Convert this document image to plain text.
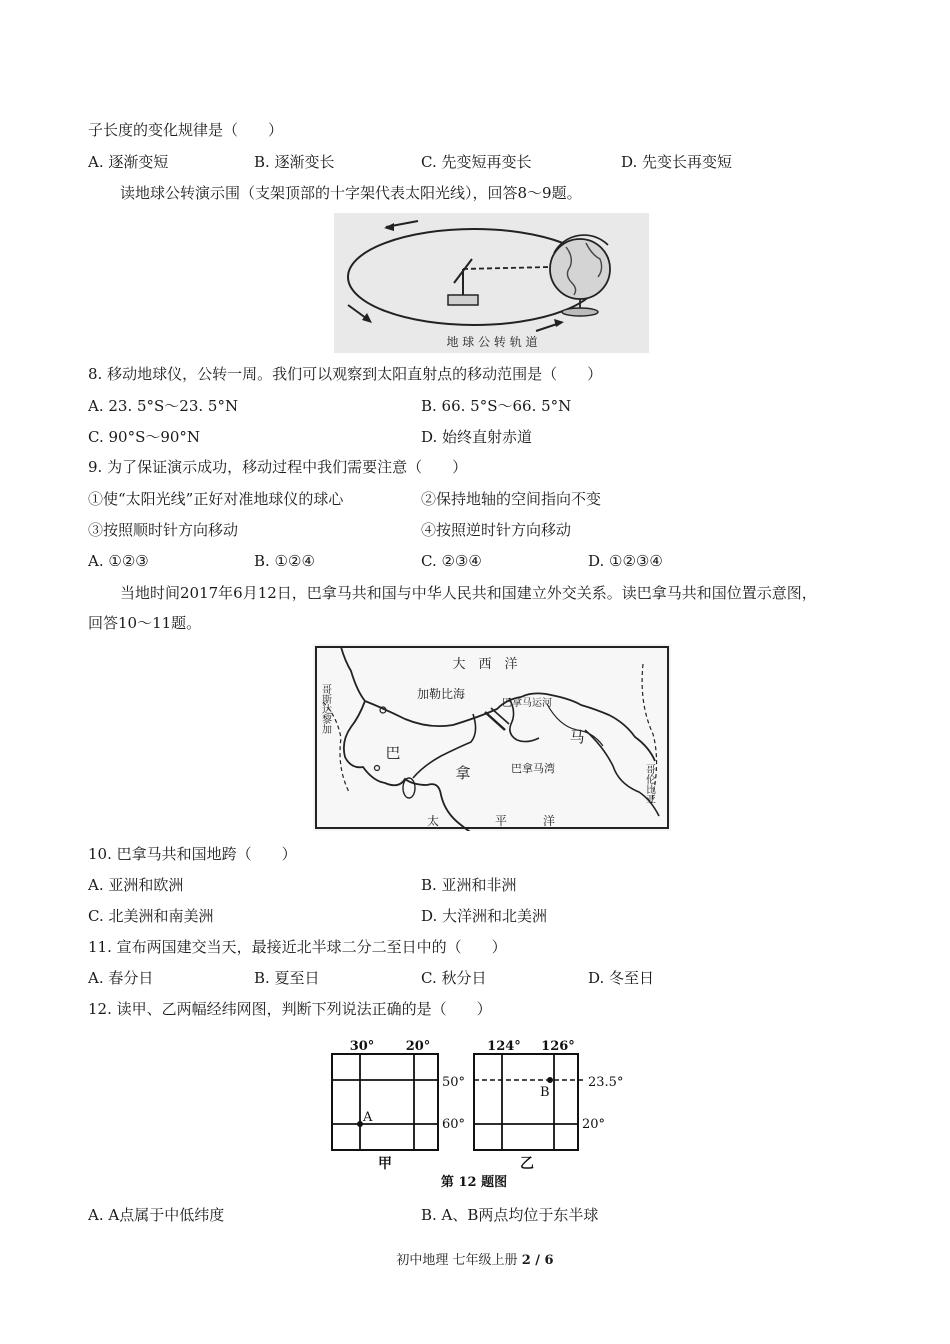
子长度的变化规律是（　　）
A. 逐渐变短	B. 逐渐变长	C. 先变短再变长	D. 先变长再变短
读地球公转演示围（支架顶部的十字架代表太阳光线），回答8～9题。
地 球 公 转 轨 道
8. 移动地球仪，公转一周。我们可以观察到太阳直射点的移动范围是（　　）
A. 23. 5°S～23. 5°N	B. 66. 5°S～66. 5°N
C. 90°S～90°N	D. 始终直射赤道
9. 为了保证演示成功，移动过程中我们需要注意（　　）
①使“太阳光线”正好对准地球仪的球心	②保持地轴的空间指向不变
③按照顺时针方向移动	④按照逆时针方向移动
A. ①②③	B. ①②④	C. ②③④	D. ①②③④
当地时间2017年6月12日，巴拿马共和国与中华人民共和国建立外交关系。读巴拿马共和国位置示意图，
回答10～11题。
大　西　洋
加勒比海
巴拿马运河
巴
拿
马
巴拿马湾
太	平	洋
哥斯达黎加
哥伦比亚
10. 巴拿马共和国地跨（　　）
A. 亚洲和欧洲	B. 亚洲和非洲
C. 北美洲和南美洲	D. 大洋洲和北美洲
11. 宣布两国建交当天，最接近北半球二分二至日中的（　　）
A. 春分日	B. 夏至日	C. 秋分日	D. 冬至日
12. 读甲、乙两幅经纬网图，判断下列说法正确的是（　　）
A
30° 20°
50°
60°
甲
B
124° 126°
23.5°
20°
乙
第 12 题图
A. A点属于中低纬度	B. A、B两点均位于东半球
初中地理 七年级上册 2 / 6
